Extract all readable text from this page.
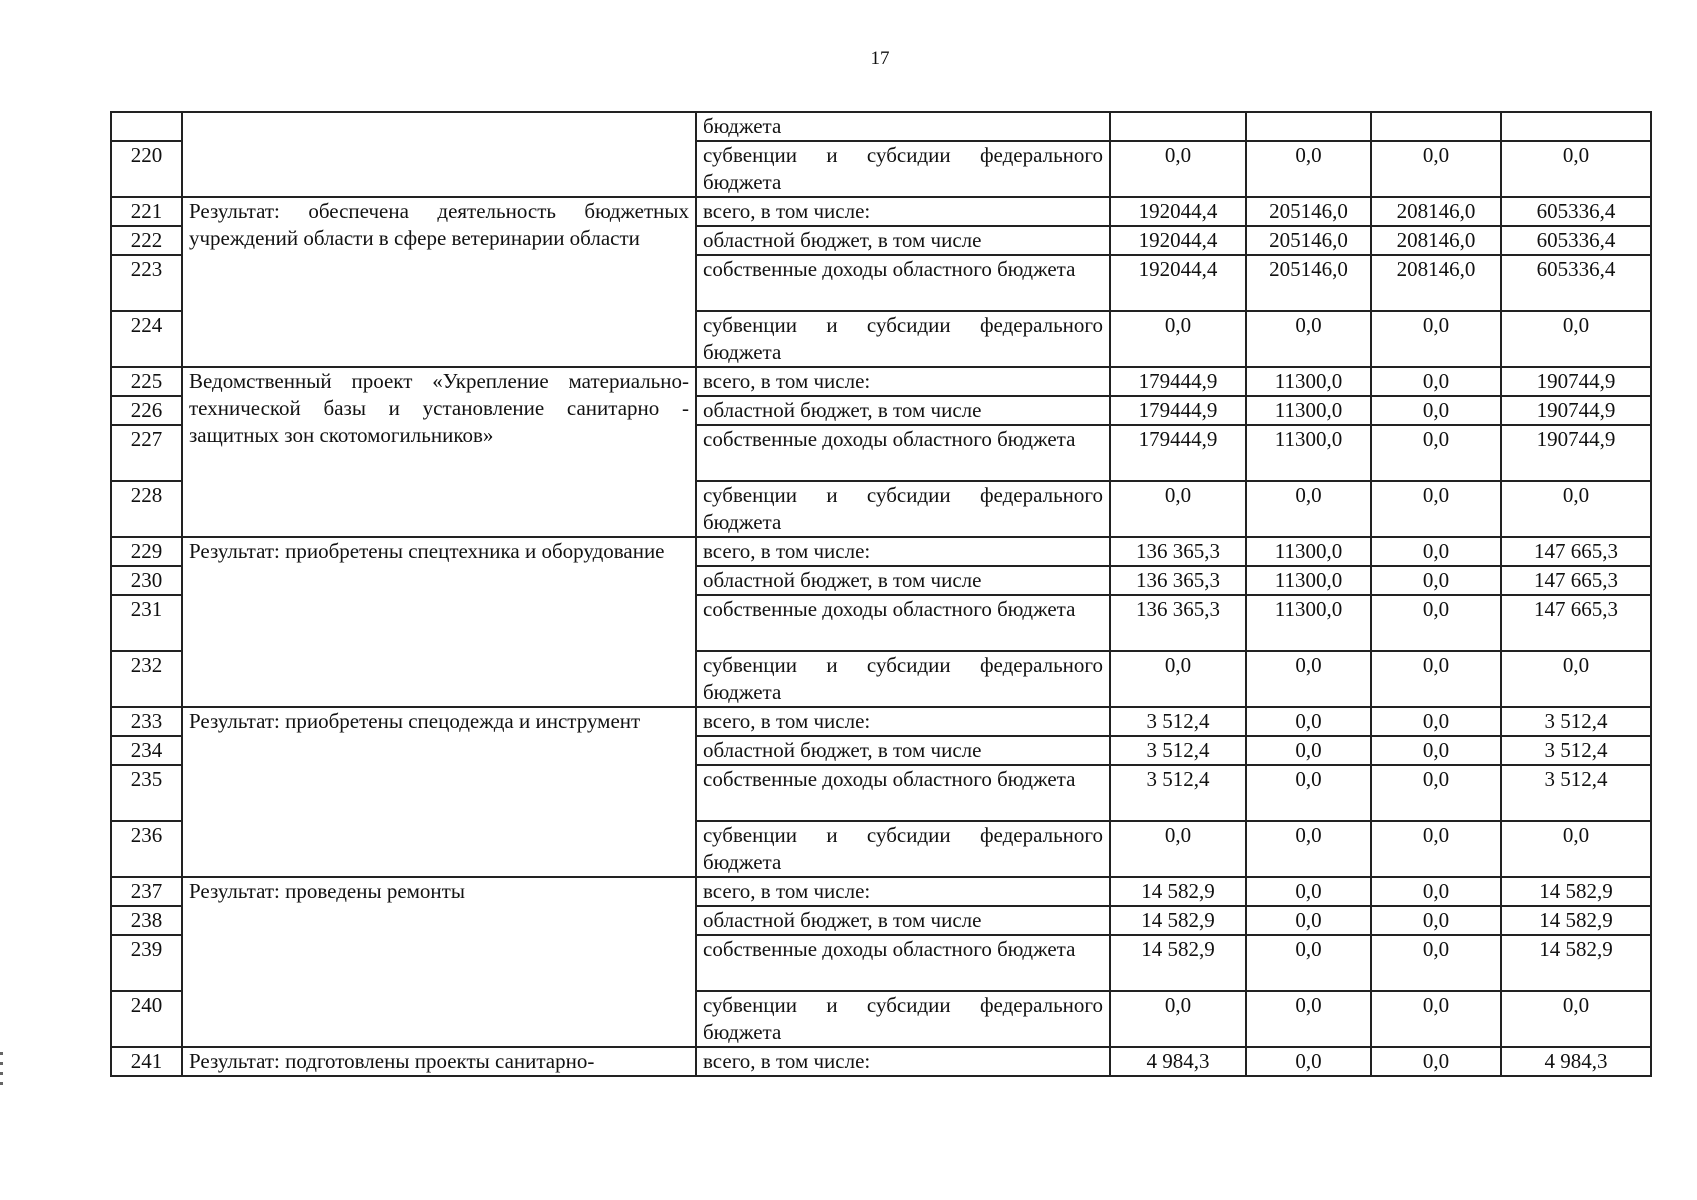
17
		бюджета				
220		субвенции и субсидии федерального бюджета	0,0	0,0	0,0	0,0
221	Результат: обеспечена деятельность бюджетных учреждений области в сфере ветеринарии области	всего, в том числе:	192044,4	205146,0	208146,0	605336,4
222		областной бюджет, в том числе	192044,4	205146,0	208146,0	605336,4
223		собственные доходы областного бюджета	192044,4	205146,0	208146,0	605336,4
224		субвенции и субсидии федерального бюджета	0,0	0,0	0,0	0,0
225	Ведомственный проект «Укрепление материально-технической базы и установление санитарно - защитных зон скотомогильников»	всего, в том числе:	179444,9	11300,0	0,0	190744,9
226		областной бюджет, в том числе	179444,9	11300,0	0,0	190744,9
227		собственные доходы областного бюджета	179444,9	11300,0	0,0	190744,9
228		субвенции и субсидии федерального бюджета	0,0	0,0	0,0	0,0
229	Результат: приобретены спецтехника и оборудование	всего, в том числе:	136 365,3	11300,0	0,0	147 665,3
230		областной бюджет, в том числе	136 365,3	11300,0	0,0	147 665,3
231		собственные доходы областного бюджета	136 365,3	11300,0	0,0	147 665,3
232		субвенции и субсидии федерального бюджета	0,0	0,0	0,0	0,0
233	Результат: приобретены спецодежда и инструмент	всего, в том числе:	3 512,4	0,0	0,0	3 512,4
234		областной бюджет, в том числе	3 512,4	0,0	0,0	3 512,4
235		собственные доходы областного бюджета	3 512,4	0,0	0,0	3 512,4
236		субвенции и субсидии федерального бюджета	0,0	0,0	0,0	0,0
237	Результат: проведены ремонты	всего, в том числе:	14 582,9	0,0	0,0	14 582,9
238		областной бюджет, в том числе	14 582,9	0,0	0,0	14 582,9
239		собственные доходы областного бюджета	14 582,9	0,0	0,0	14 582,9
240		субвенции и субсидии федерального бюджета	0,0	0,0	0,0	0,0
241	Результат: подготовлены проекты санитарно-	всего, в том числе:	4 984,3	0,0	0,0	4 984,3
